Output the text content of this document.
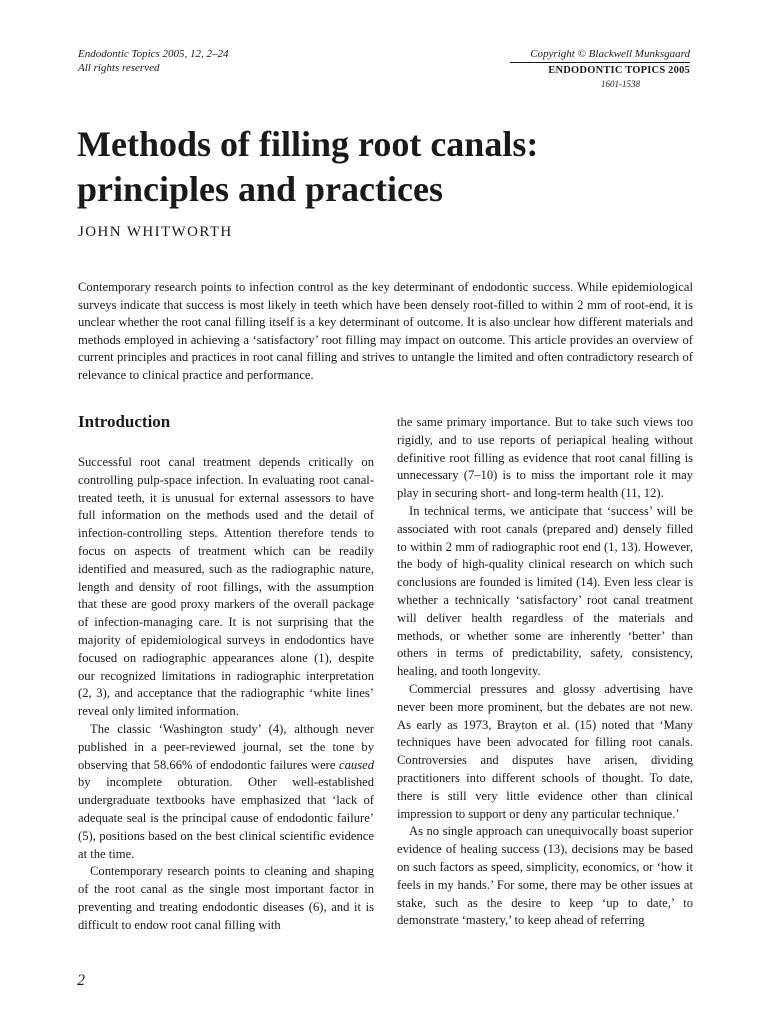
Endodontic Topics 2005, 12, 2–24
All rights reserved
Copyright © Blackwell Munksgaard
ENDODONTIC TOPICS 2005
1601-1538
Methods of filling root canals: principles and practices
JOHN WHITWORTH

Contemporary research points to infection control as the key determinant of endodontic success. While epidemiological surveys indicate that success is most likely in teeth which have been densely root-filled to within 2 mm of root-end, it is unclear whether the root canal filling itself is a key determinant of outcome. It is also unclear how different materials and methods employed in achieving a ‘satisfactory’ root filling may impact on outcome. This article provides an overview of current principles and practices in root canal filling and strives to untangle the limited and often contradictory research of relevance to clinical practice and performance.

Introduction

Successful root canal treatment depends critically on controlling pulp-space infection. In evaluating root canal-treated teeth, it is unusual for external assessors to have full information on the methods used and the detail of infection-controlling steps. Attention therefore tends to focus on aspects of treatment which can be readily identified and measured, such as the radiographic nature, length and density of root fillings, with the assumption that these are good proxy markers of the overall package of infection-managing care. It is not surprising that the majority of epidemiological surveys in endodontics have focused on radiographic appearances alone (1), despite our recognized limitations in radiographic interpretation (2, 3), and acceptance that the radiographic ‘white lines’ reveal only limited information.

The classic ‘Washington study’ (4), although never published in a peer-reviewed journal, set the tone by observing that 58.66% of endodontic failures were caused by incomplete obturation. Other well-established undergraduate textbooks have emphasized that ‘lack of adequate seal is the principal cause of endodontic failure’ (5), positions based on the best clinical scientific evidence at the time.

Contemporary research points to cleaning and shaping of the root canal as the single most important factor in preventing and treating endodontic diseases (6), and it is difficult to endow root canal filling with

the same primary importance. But to take such views too rigidly, and to use reports of periapical healing without definitive root filling as evidence that root canal filling is unnecessary (7–10) is to miss the important role it may play in securing short- and long-term health (11, 12).

In technical terms, we anticipate that ‘success’ will be associated with root canals (prepared and) densely filled to within 2 mm of radiographic root end (1, 13). However, the body of high-quality clinical research on which such conclusions are founded is limited (14). Even less clear is whether a technically ‘satisfactory’ root canal treatment will deliver health regardless of the materials and methods, or whether some are inherently ‘better’ than others in terms of predictability, safety, consistency, healing, and tooth longevity.

Commercial pressures and glossy advertising have never been more prominent, but the debates are not new. As early as 1973, Brayton et al. (15) noted that ‘Many techniques have been advocated for filling root canals. Controversies and disputes have arisen, dividing practitioners into different schools of thought. To date, there is still very little evidence other than clinical impression to support or deny any particular technique.’

As no single approach can unequivocally boast superior evidence of healing success (13), decisions may be based on such factors as speed, simplicity, economics, or ‘how it feels in my hands.’ For some, there may be other issues at stake, such as the desire to keep ‘up to date,’ to demonstrate ‘mastery,’ to keep ahead of referring

2
